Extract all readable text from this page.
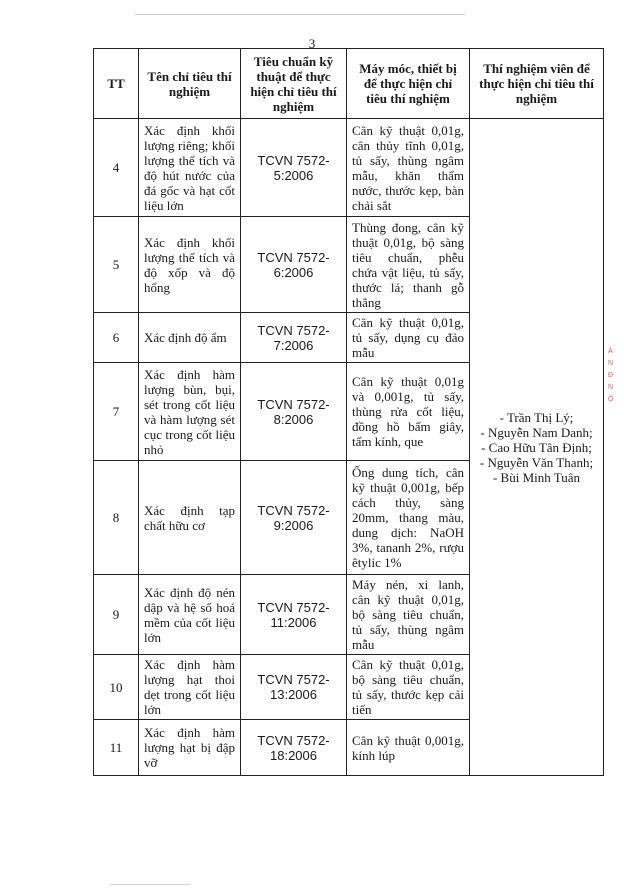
3
TT	Tên chỉ tiêu thí nghiệm	Tiêu chuẩn kỹ thuật để thực hiện chỉ tiêu thí nghiệm	Máy móc, thiết bị để thực hiện chỉ tiêu thí nghiệm	Thí nghiệm viên để thực hiện chỉ tiêu thí nghiệm
4	Xác định khối lượng riêng; khối lượng thể tích và độ hút nước của đá gốc và hạt cốt liệu lớn	TCVN 7572-5:2006	Cân kỹ thuật 0,01g, cân thủy tĩnh 0,01g, tủ sấy, thùng ngâm mẫu, khăn thấm nước, thước kẹp, bàn chải sắt	- Trần Thị Lý;
- Nguyễn Nam Danh;
- Cao Hữu Tân Định;
- Nguyễn Văn Thanh;
- Bùi Minh Tuân

5	Xác định khối lượng thể tích và độ xốp và độ hổng	TCVN 7572-6:2006	Thùng đong, cân kỹ thuật 0,01g, bộ sàng tiêu chuẩn, phễu chứa vật liệu, tủ sấy, thước lá; thanh gỗ thẳng	
6	Xác định độ ẩm	TCVN 7572-7:2006	Cân kỹ thuật 0,01g, tủ sấy, dụng cụ đảo mẫu	
7	Xác định hàm lượng bùn, bụi, sét trong cốt liệu và hàm lượng sét cục trong cốt liệu nhỏ	TCVN 7572-8:2006	Cân kỹ thuật 0,01g và 0,001g, tủ sấy, thùng rửa cốt liệu, đồng hồ bấm giây, tấm kính, que	
8	Xác định tạp chất hữu cơ	TCVN 7572-9:2006	Ống dung tích, cân kỹ thuật 0,001g, bếp cách thủy, sàng 20mm, thang màu, dung dịch: NaOH 3%, tananh 2%, rượu êtylic 1%	
9	Xác định độ nén dập và hệ số hoá mềm của cốt liệu lớn	TCVN 7572-11:2006	Máy nén, xi lanh, cân kỹ thuật 0,01g, bộ sàng tiêu chuẩn, tủ sấy, thùng ngâm mẫu	
10	Xác định hàm lượng hạt thoi dẹt trong cốt liệu lớn	TCVN 7572-13:2006	Cân kỹ thuật 0,01g, bộ sàng tiêu chuẩn, tủ sấy, thước kẹp cải tiến	
11	Xác định hàm lượng hạt bị đập vỡ	TCVN 7572-18:2006	Cân kỹ thuật 0,001g, kính lúp	
Ả
N
Đ
N
Ộ
